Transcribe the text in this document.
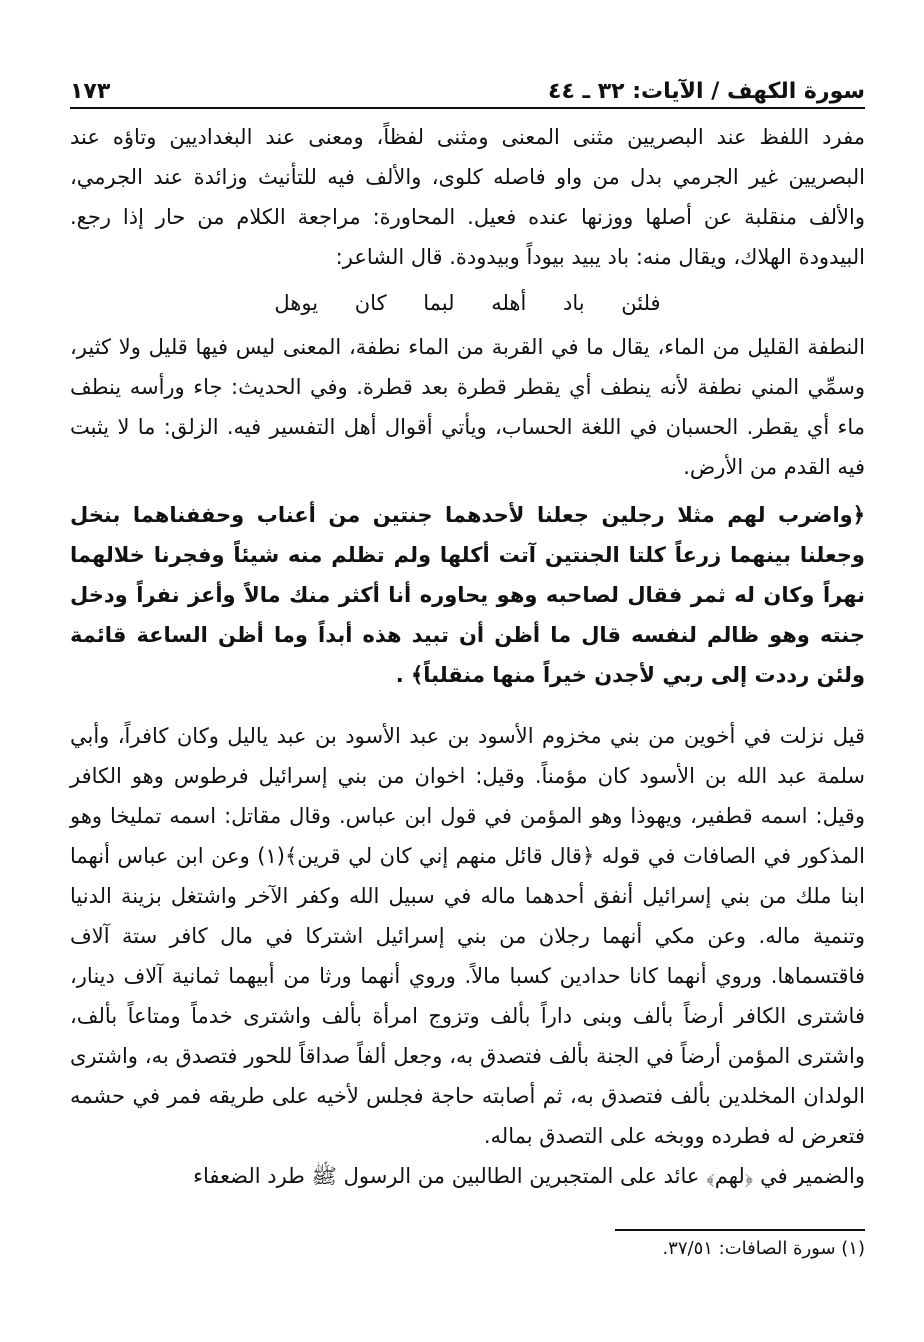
سورة الكهف / الآيات: ٣٢ ـ ٤٤
١٧٣

مفرد اللفظ عند البصريين مثنى المعنى ومثنى لفظاً، ومعنى عند البغداديين وتاؤه عند البصريين غير الجرمي بدل من واو فاصله كلوى، والألف فيه للتأنيث وزائدة عند الجرمي، والألف منقلبة عن أصلها ووزنها عنده فعيل. المحاورة: مراجعة الكلام من حار إذا رجع. البيدودة الهلاك، ويقال منه: باد يبيد بيوداً وبيدودة. قال الشاعر:

فلئن باد أهله لبما كان يوهل

النطفة القليل من الماء، يقال ما في القربة من الماء نطفة، المعنى ليس فيها قليل ولا كثير، وسمِّي المني نطفة لأنه ينطف أي يقطر قطرة بعد قطرة. وفي الحديث: جاء ورأسه ينطف ماء أي يقطر. الحسبان في اللغة الحساب، ويأتي أقوال أهل التفسير فيه. الزلق: ما لا يثبت فيه القدم من الأرض.

﴿واضرب لهم مثلا رجلين جعلنا لأحدهما جنتين من أعناب وحففناهما بنخل وجعلنا بينهما زرعاً كلتا الجنتين آتت أكلها ولم تظلم منه شيئاً وفجرنا خلالهما نهراً وكان له ثمر فقال لصاحبه وهو يحاوره أنا أكثر منك مالاً وأعز نفراً ودخل جنته وهو ظالم لنفسه قال ما أظن أن تبيد هذه أبداً وما أظن الساعة قائمة ولئن رددت إلى ربي لأجدن خيراً منها منقلباً﴾ .

قيل نزلت في أخوين من بني مخزوم الأسود بن عبد الأسود بن عبد ياليل وكان كافراً، وأبي سلمة عبد الله بن الأسود كان مؤمناً. وقيل: اخوان من بني إسرائيل فرطوس وهو الكافر وقيل: اسمه قطفير، ويهوذا وهو المؤمن في قول ابن عباس. وقال مقاتل: اسمه تمليخا وهو المذكور في الصافات في قوله ﴿قال قائل منهم إني كان لي قرين﴾(١) وعن ابن عباس أنهما ابنا ملك من بني إسرائيل أنفق أحدهما ماله في سبيل الله وكفر الآخر واشتغل بزينة الدنيا وتنمية ماله. وعن مكي أنهما رجلان من بني إسرائيل اشتركا في مال كافر ستة آلاف فاقتسماها. وروي أنهما كانا حدادين كسبا مالاً. وروي أنهما ورثا من أبيهما ثمانية آلاف دينار، فاشترى الكافر أرضاً بألف وبنى داراً بألف وتزوج امرأة بألف واشترى خدماً ومتاعاً بألف، واشترى المؤمن أرضاً في الجنة بألف فتصدق به، وجعل ألفاً صداقاً للحور فتصدق به، واشترى الولدان المخلدين بألف فتصدق به، ثم أصابته حاجة فجلس لأخيه على طريقه فمر في حشمه فتعرض له فطرده ووبخه على التصدق بماله.

والضمير في ﴿لهم﴾ عائد على المتجبرين الطالبين من الرسول ﷺ طرد الضعفاء

(١) سورة الصافات: ٣٧/٥١.
